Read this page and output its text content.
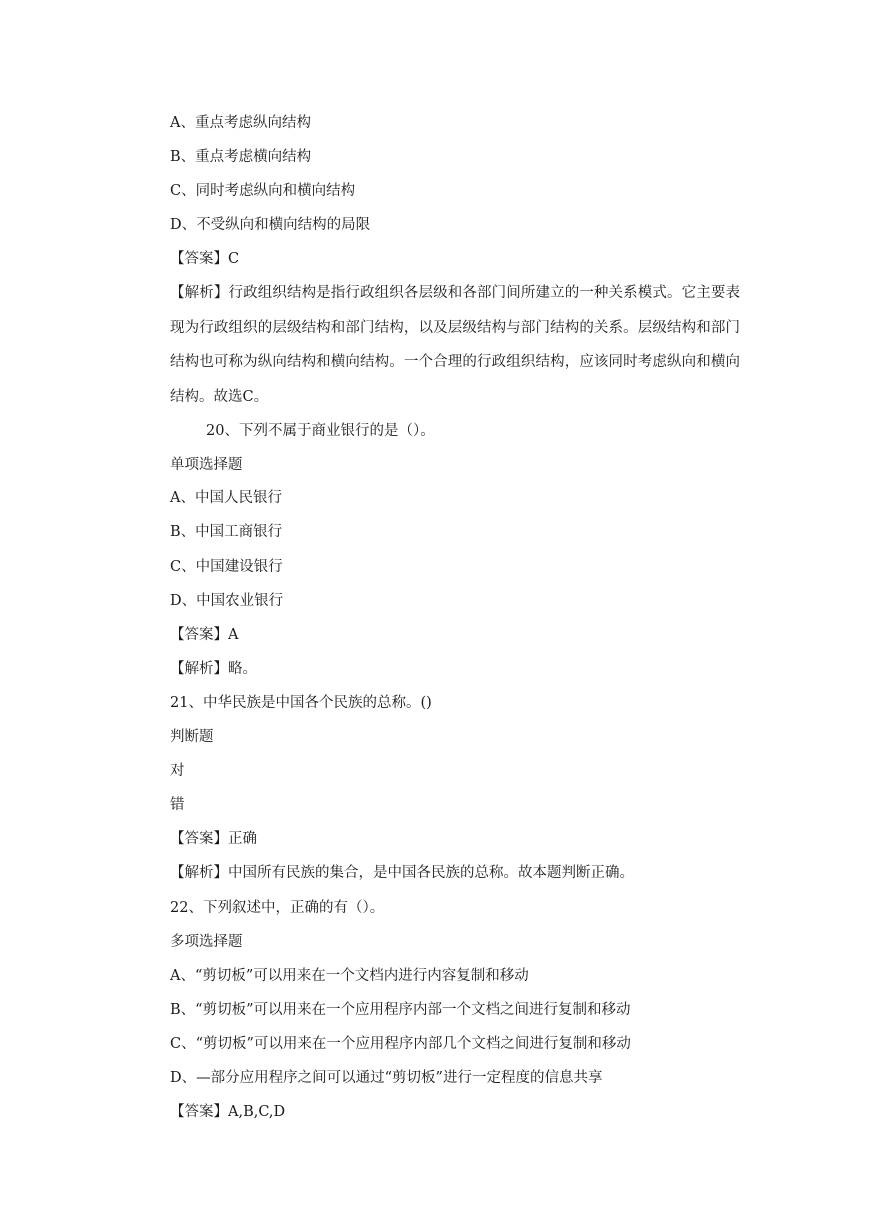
A、重点考虑纵向结构
B、重点考虑横向结构
C、同时考虑纵向和横向结构
D、不受纵向和横向结构的局限
【答案】C
【解析】行政组织结构是指行政组织各层级和各部门间所建立的一种关系模式。它主要表现为行政组织的层级结构和部门结构，以及层级结构与部门结构的关系。层级结构和部门结构也可称为纵向结构和横向结构。一个合理的行政组织结构，应该同时考虑纵向和横向结构。故选C。
20、下列不属于商业银行的是（）。
单项选择题
A、中国人民银行
B、中国工商银行
C、中国建设银行
D、中国农业银行
【答案】A
【解析】略。
21、中华民族是中国各个民族的总称。()
判断题
对
错
【答案】正确
【解析】中国所有民族的集合，是中国各民族的总称。故本题判断正确。
22、下列叙述中，正确的有（）。
多项选择题
A、“剪切板”可以用来在一个文档内进行内容复制和移动
B、“剪切板”可以用来在一个应用程序内部一个文档之间进行复制和移动
C、“剪切板”可以用来在一个应用程序内部几个文档之间进行复制和移动
D、—部分应用程序之间可以通过“剪切板”进行一定程度的信息共享
【答案】A,B,C,D
